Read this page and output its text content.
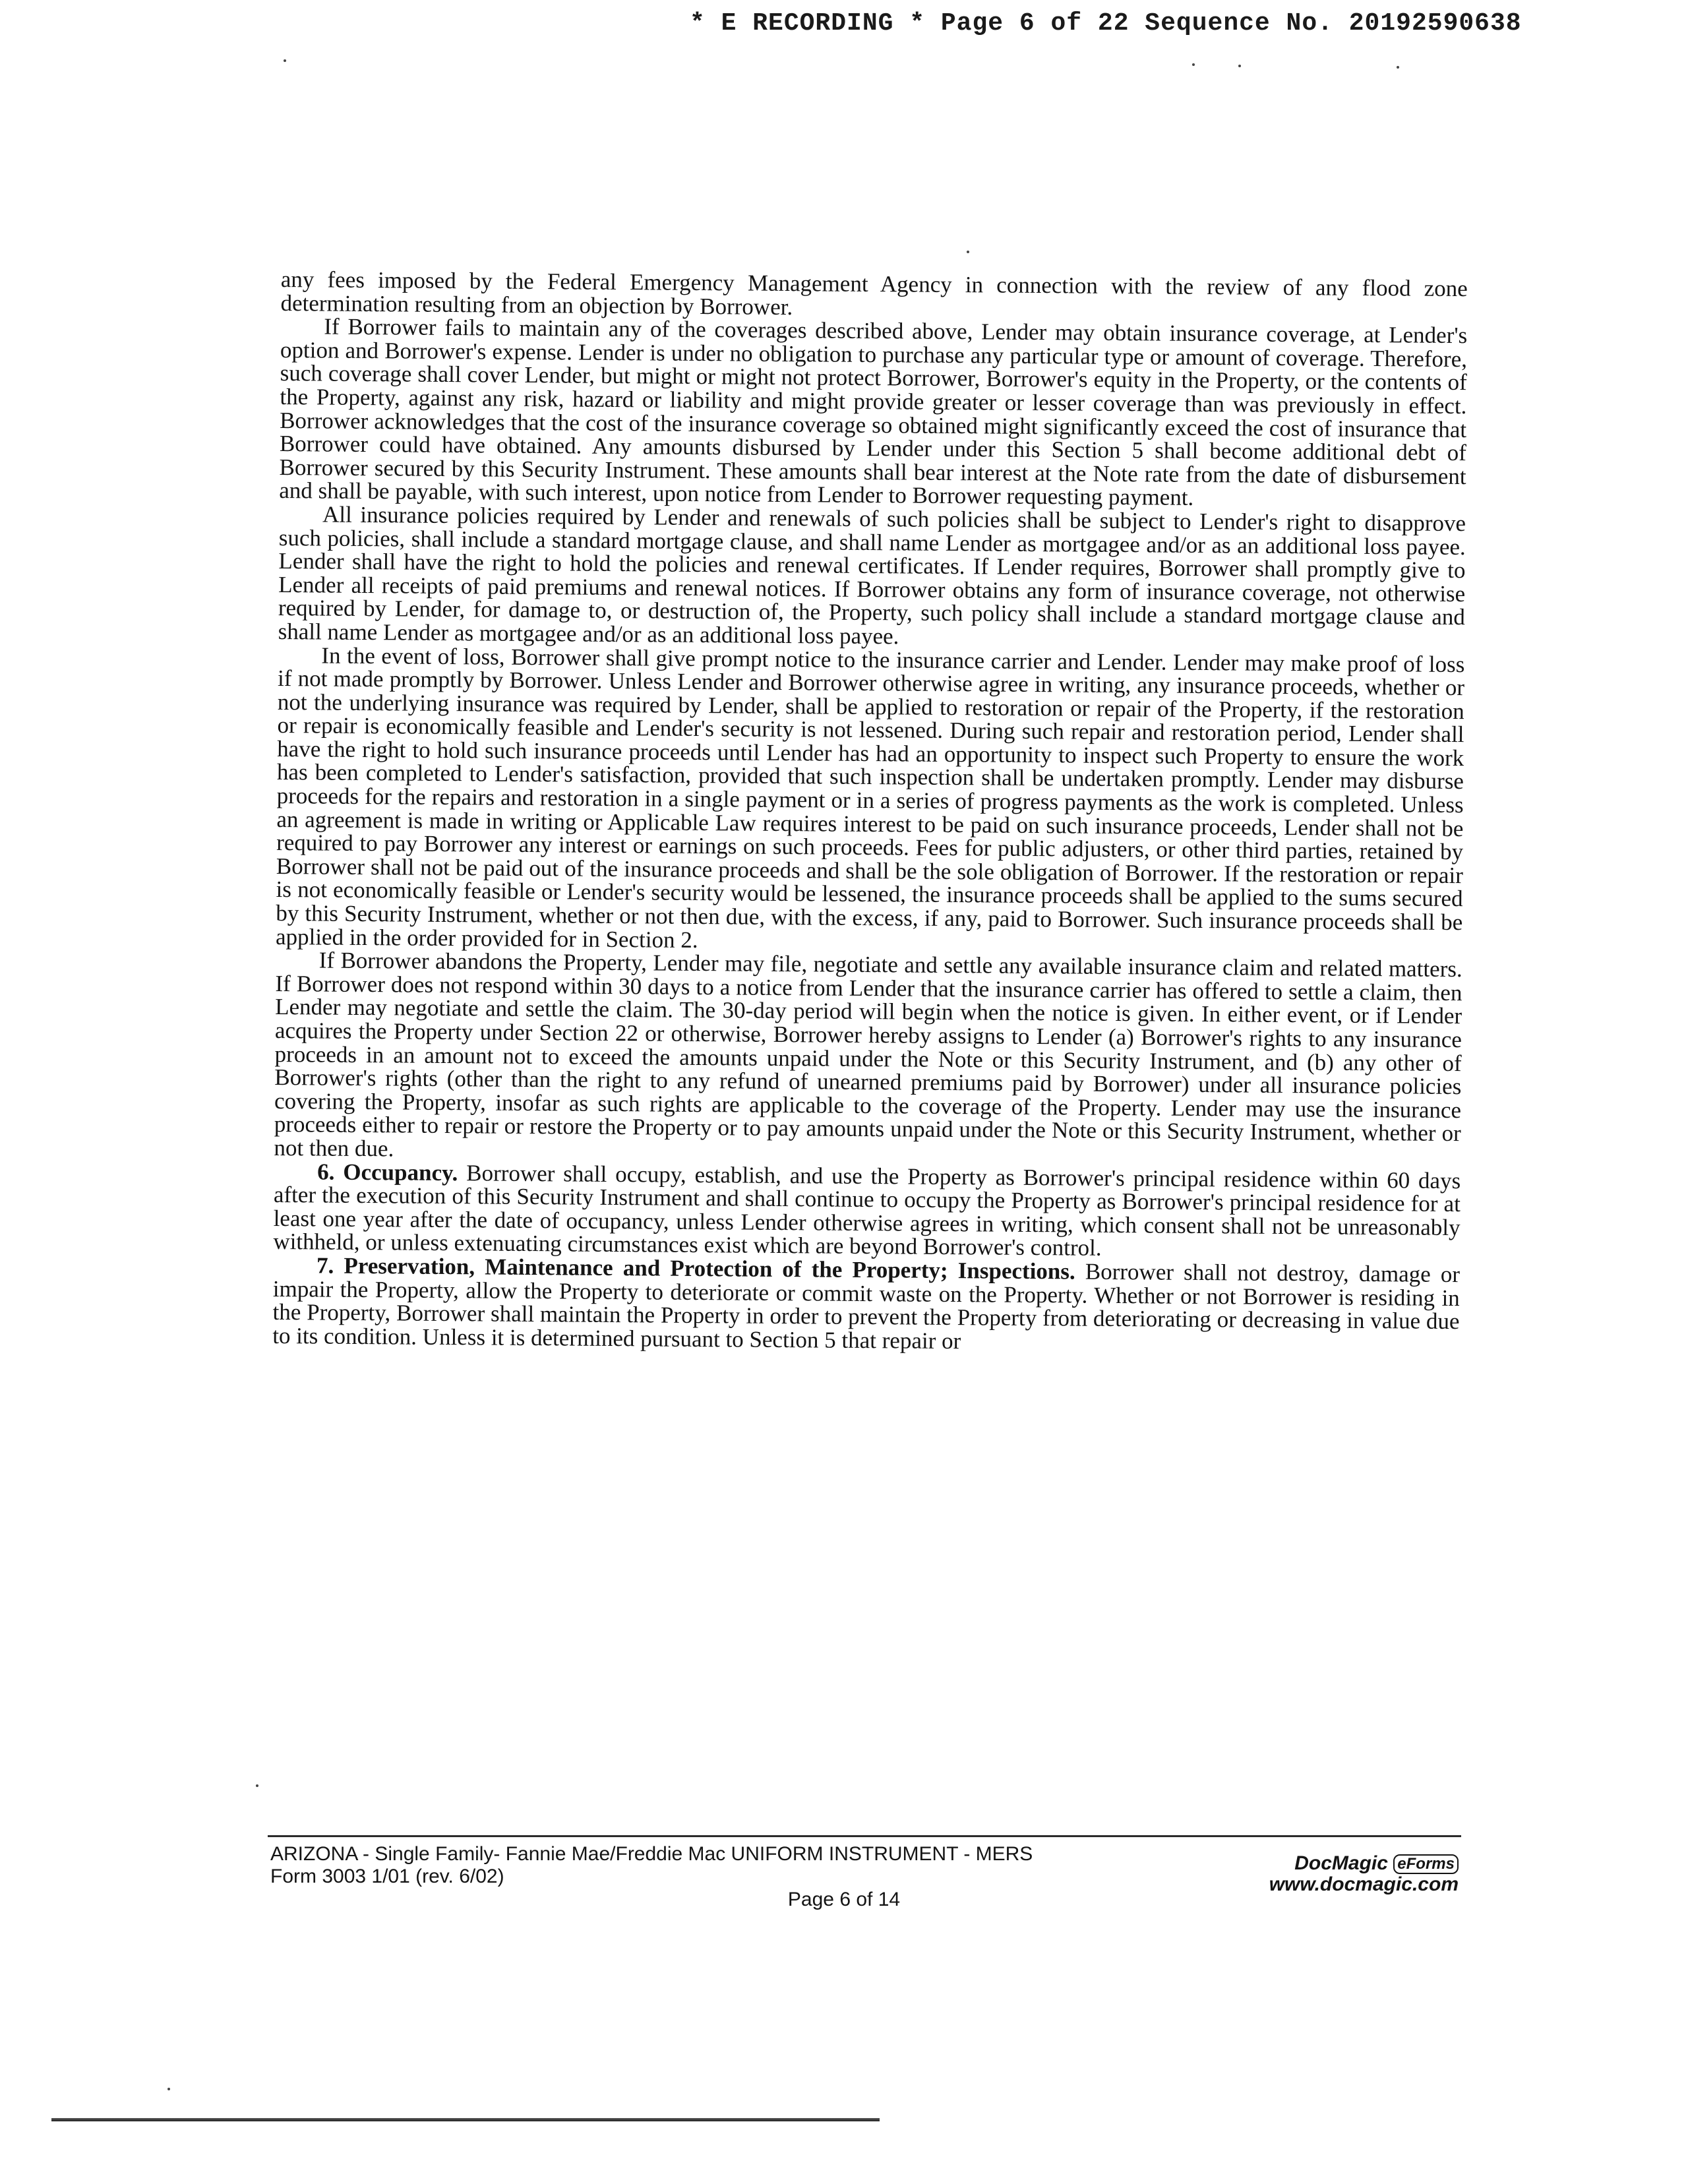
* E RECORDING * Page 6 of 22 Sequence No. 20192590638

any fees imposed by the Federal Emergency Management Agency in connection with the review of any flood zone determination resulting from an objection by Borrower.

If Borrower fails to maintain any of the coverages described above, Lender may obtain insurance coverage, at Lender's option and Borrower's expense. Lender is under no obligation to purchase any particular type or amount of coverage. Therefore, such coverage shall cover Lender, but might or might not protect Borrower, Borrower's equity in the Property, or the contents of the Property, against any risk, hazard or liability and might provide greater or lesser coverage than was previously in effect. Borrower acknowledges that the cost of the insurance coverage so obtained might significantly exceed the cost of insurance that Borrower could have obtained. Any amounts disbursed by Lender under this Section 5 shall become additional debt of Borrower secured by this Security Instrument. These amounts shall bear interest at the Note rate from the date of disbursement and shall be payable, with such interest, upon notice from Lender to Borrower requesting payment.

All insurance policies required by Lender and renewals of such policies shall be subject to Lender's right to disapprove such policies, shall include a standard mortgage clause, and shall name Lender as mortgagee and/or as an additional loss payee. Lender shall have the right to hold the policies and renewal certificates. If Lender requires, Borrower shall promptly give to Lender all receipts of paid premiums and renewal notices. If Borrower obtains any form of insurance coverage, not otherwise required by Lender, for damage to, or destruction of, the Property, such policy shall include a standard mortgage clause and shall name Lender as mortgagee and/or as an additional loss payee.

In the event of loss, Borrower shall give prompt notice to the insurance carrier and Lender. Lender may make proof of loss if not made promptly by Borrower. Unless Lender and Borrower otherwise agree in writing, any insurance proceeds, whether or not the underlying insurance was required by Lender, shall be applied to restoration or repair of the Property, if the restoration or repair is economically feasible and Lender's security is not lessened. During such repair and restoration period, Lender shall have the right to hold such insurance proceeds until Lender has had an opportunity to inspect such Property to ensure the work has been completed to Lender's satisfaction, provided that such inspection shall be undertaken promptly. Lender may disburse proceeds for the repairs and restoration in a single payment or in a series of progress payments as the work is completed. Unless an agreement is made in writing or Applicable Law requires interest to be paid on such insurance proceeds, Lender shall not be required to pay Borrower any interest or earnings on such proceeds. Fees for public adjusters, or other third parties, retained by Borrower shall not be paid out of the insurance proceeds and shall be the sole obligation of Borrower. If the restoration or repair is not economically feasible or Lender's security would be lessened, the insurance proceeds shall be applied to the sums secured by this Security Instrument, whether or not then due, with the excess, if any, paid to Borrower. Such insurance proceeds shall be applied in the order provided for in Section 2.

If Borrower abandons the Property, Lender may file, negotiate and settle any available insurance claim and related matters. If Borrower does not respond within 30 days to a notice from Lender that the insurance carrier has offered to settle a claim, then Lender may negotiate and settle the claim. The 30-day period will begin when the notice is given. In either event, or if Lender acquires the Property under Section 22 or otherwise, Borrower hereby assigns to Lender (a) Borrower's rights to any insurance proceeds in an amount not to exceed the amounts unpaid under the Note or this Security Instrument, and (b) any other of Borrower's rights (other than the right to any refund of unearned premiums paid by Borrower) under all insurance policies covering the Property, insofar as such rights are applicable to the coverage of the Property. Lender may use the insurance proceeds either to repair or restore the Property or to pay amounts unpaid under the Note or this Security Instrument, whether or not then due.

6. Occupancy. Borrower shall occupy, establish, and use the Property as Borrower's principal residence within 60 days after the execution of this Security Instrument and shall continue to occupy the Property as Borrower's principal residence for at least one year after the date of occupancy, unless Lender otherwise agrees in writing, which consent shall not be unreasonably withheld, or unless extenuating circumstances exist which are beyond Borrower's control.

7. Preservation, Maintenance and Protection of the Property; Inspections. Borrower shall not destroy, damage or impair the Property, allow the Property to deteriorate or commit waste on the Property. Whether or not Borrower is residing in the Property, Borrower shall maintain the Property in order to prevent the Property from deteriorating or decreasing in value due to its condition. Unless it is determined pursuant to Section 5 that repair or

ARIZONA - Single Family- Fannie Mae/Freddie Mac UNIFORM INSTRUMENT - MERS
Form 3003 1/01 (rev. 6/02)
Page 6 of 14
DocMagic eForms
www.docmagic.com
